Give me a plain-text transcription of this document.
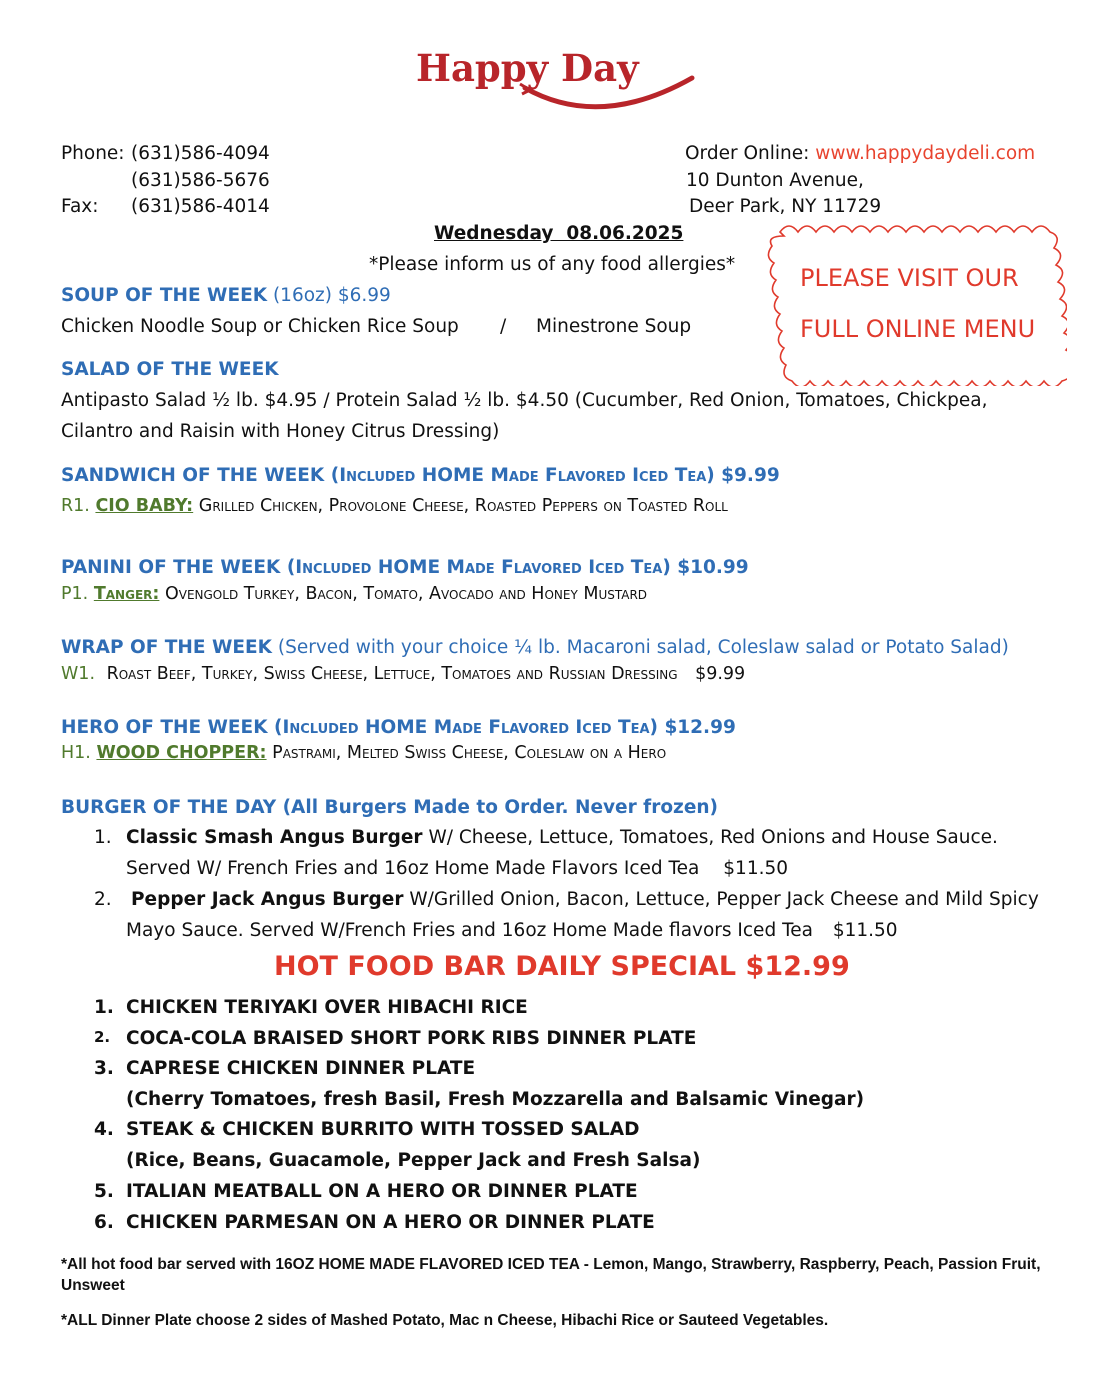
Happy Day
Phone: (631)586-4094
(631)586-5676
Fax: (631)586-4014
Order Online: www.happydaydeli.com
10 Dunton Avenue,
Deer Park, NY 11729
Wednesday  08.06.2025
*Please inform us of any food allergies*	PLEASE VISIT OUR
FULL ONLINE MENU
SOUP OF THE WEEK (16oz) $6.99
Chicken Noodle Soup or Chicken Rice Soup / Minestrone Soup
SALAD OF THE WEEK
Antipasto Salad ½ lb. $4.95 / Protein Salad ½ lb. $4.50 (Cucumber, Red Onion, Tomatoes, Chickpea,
Cilantro and Raisin with Honey Citrus Dressing)
SANDWICH OF THE WEEK (Included HOME Made Flavored Iced Tea) $9.99
R1. CIO BABY: Grilled Chicken, Provolone Cheese, Roasted Peppers on Toasted Roll
PANINI OF THE WEEK (Included HOME Made Flavored Iced Tea) $10.99
P1. Tanger: Ovengold Turkey, Bacon, Tomato, Avocado and Honey Mustard
WRAP OF THE WEEK (Served with your choice ¼ lb. Macaroni salad, Coleslaw salad or Potato Salad)
W1. Roast Beef, Turkey, Swiss Cheese, Lettuce, Tomatoes and Russian Dressing $9.99
HERO OF THE WEEK (Included HOME Made Flavored Iced Tea) $12.99
H1. WOOD CHOPPER: Pastrami, Melted Swiss Cheese, Coleslaw on a Hero
BURGER OF THE DAY (All Burgers Made to Order. Never frozen)
1. Classic Smash Angus Burger W/ Cheese, Lettuce, Tomatoes, Red Onions and House Sauce.
Served W/ French Fries and 16oz Home Made Flavors Iced Tea $11.50
2. Pepper Jack Angus Burger W/Grilled Onion, Bacon, Lettuce, Pepper Jack Cheese and Mild Spicy
Mayo Sauce. Served W/French Fries and 16oz Home Made flavors Iced Tea $11.50
HOT FOOD BAR DAILY SPECIAL $12.99
1. CHICKEN TERIYAKI OVER HIBACHI RICE
2. COCA-COLA BRAISED SHORT PORK RIBS DINNER PLATE
3. CAPRESE CHICKEN DINNER PLATE
(Cherry Tomatoes, fresh Basil, Fresh Mozzarella and Balsamic Vinegar)
4. STEAK & CHICKEN BURRITO WITH TOSSED SALAD
(Rice, Beans, Guacamole, Pepper Jack and Fresh Salsa)
5. ITALIAN MEATBALL ON A HERO OR DINNER PLATE
6. CHICKEN PARMESAN ON A HERO OR DINNER PLATE
*All hot food bar served with 16OZ HOME MADE FLAVORED ICED TEA - Lemon, Mango, Strawberry, Raspberry, Peach, Passion Fruit,
Unsweet
*ALL Dinner Plate choose 2 sides of Mashed Potato, Mac n Cheese, Hibachi Rice or Sauteed Vegetables.
